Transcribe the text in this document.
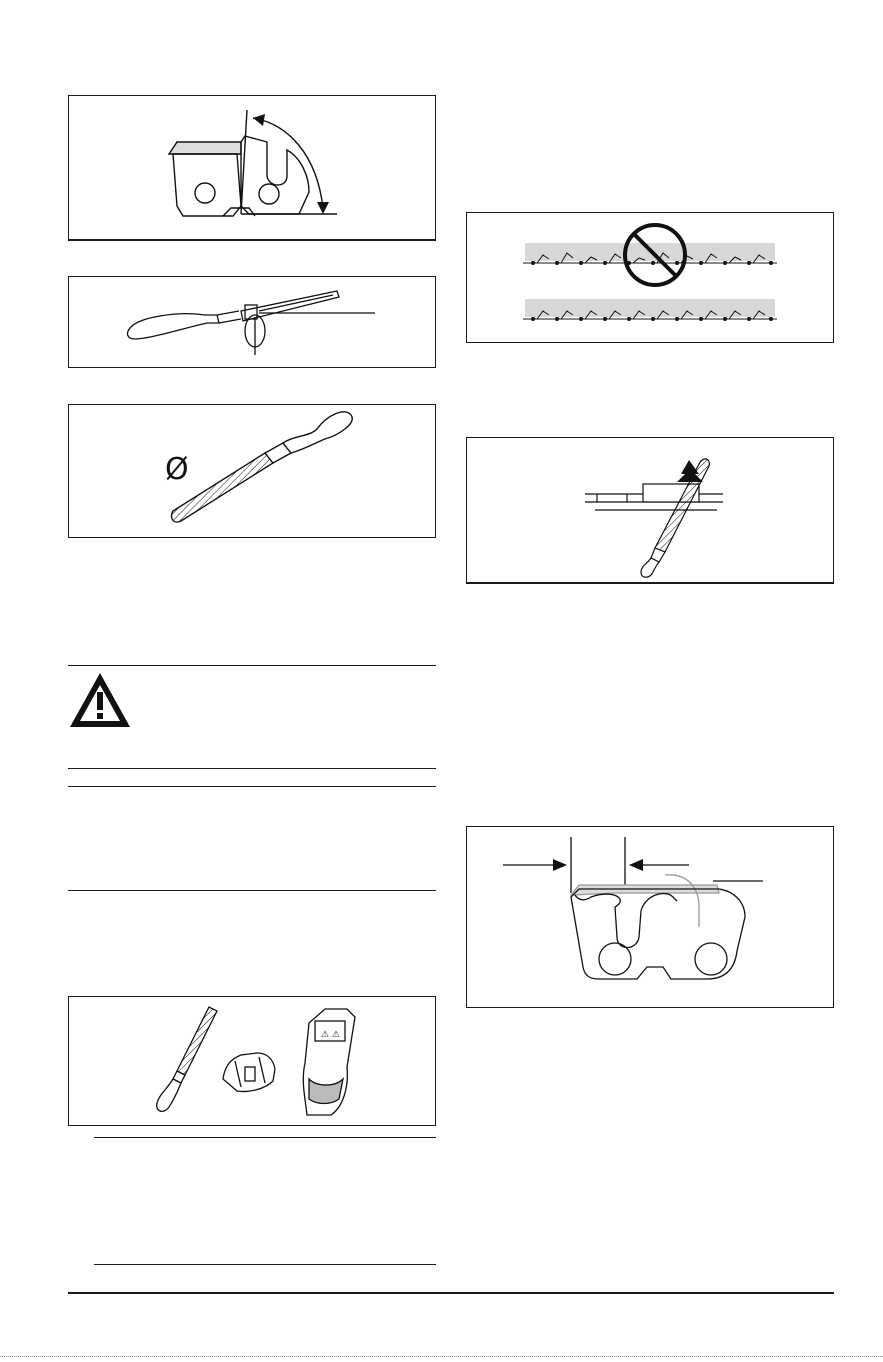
Ø
⚠ ⚠
